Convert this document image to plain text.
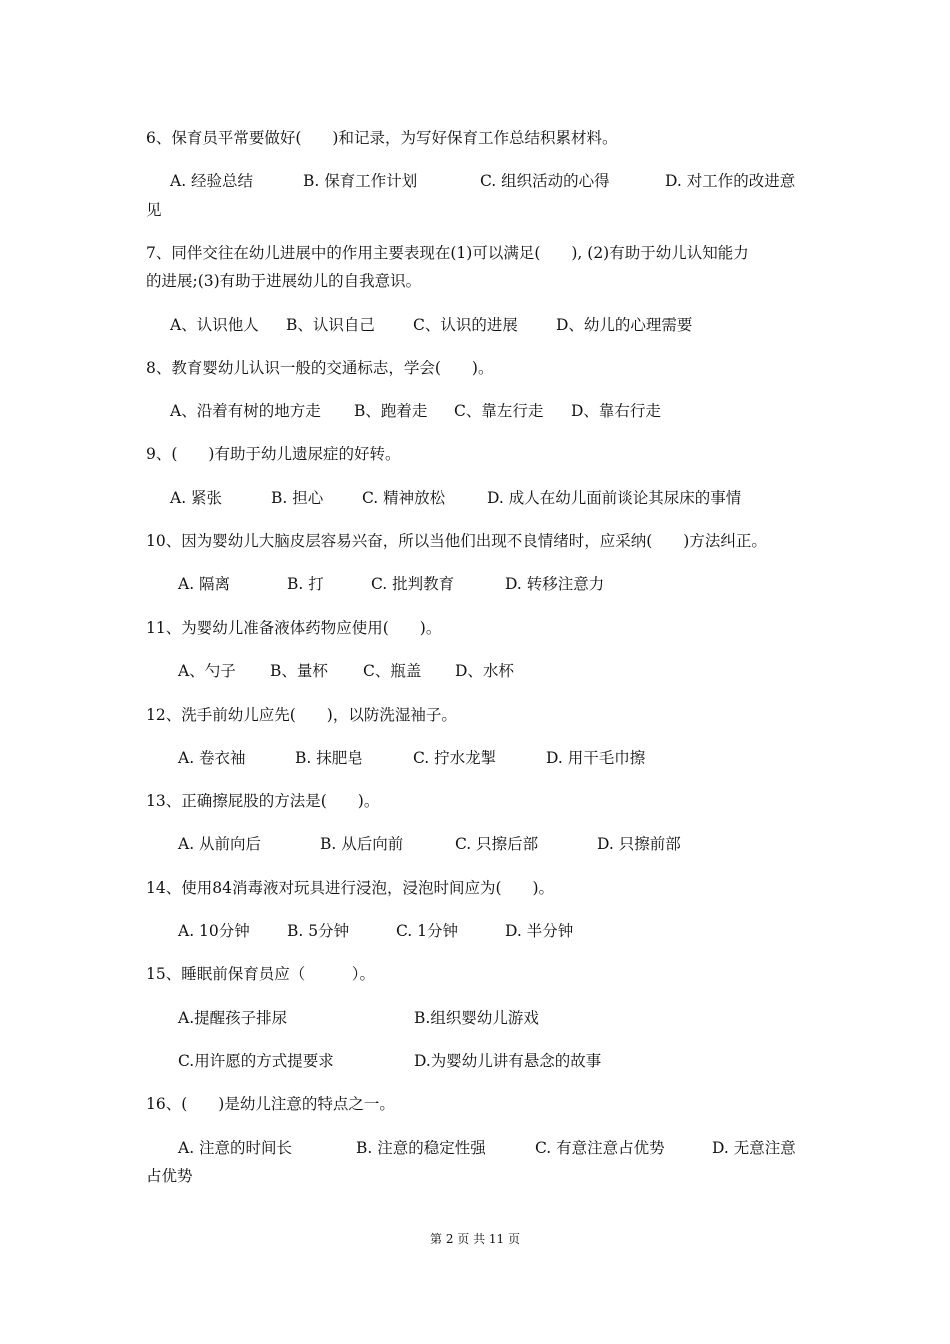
6、保育员平常要做好(　　)和记录，为写好保育工作总结积累材料。
A. 经验总结	B. 保育工作计划	C. 组织活动的心得	D. 对工作的改进意
见
7、同伴交往在幼儿进展中的作用主要表现在(1)可以满足(　　), (2)有助于幼儿认知能力
的进展;(3)有助于进展幼儿的自我意识。
A、认识他人 B、认识自己 C、认识的进展 D、幼儿的心理需要
8、教育婴幼儿认识一般的交通标志，学会(　　)。
A、沿着有树的地方走 B、跑着走 C、靠左行走 D、靠右行走
9、(　　)有助于幼儿遗尿症的好转。
A. 紧张	B. 担心	C. 精神放松	D. 成人在幼儿面前谈论其尿床的事情
10、因为婴幼儿大脑皮层容易兴奋，所以当他们出现不良情绪时，应采纳(　　)方法纠正。
A. 隔离	B. 打	C. 批判教育	D. 转移注意力
11、为婴幼儿准备液体药物应使用(　　)。
A、勺子 B、量杯 C、瓶盖 D、水杯
12、洗手前幼儿应先(　　)，以防洗湿袖子。
A. 卷衣袖	B. 抹肥皂	C. 拧水龙掣	D. 用干毛巾擦
13、正确擦屁股的方法是(　　)。
A. 从前向后	B. 从后向前	C. 只擦后部	D. 只擦前部
14、使用84消毒液对玩具进行浸泡，浸泡时间应为(　　)。
A. 10分钟 B. 5分钟	C. 1分钟	D. 半分钟
15、睡眠前保育员应（　　　）。
A.提醒孩子排尿	B.组织婴幼儿游戏
C.用许愿的方式提要求	D.为婴幼儿讲有悬念的故事
16、(　　)是幼儿注意的特点之一。
A. 注意的时间长	B. 注意的稳定性强	C. 有意注意占优势	D. 无意注意
占优势
第 2 页 共 11 页
